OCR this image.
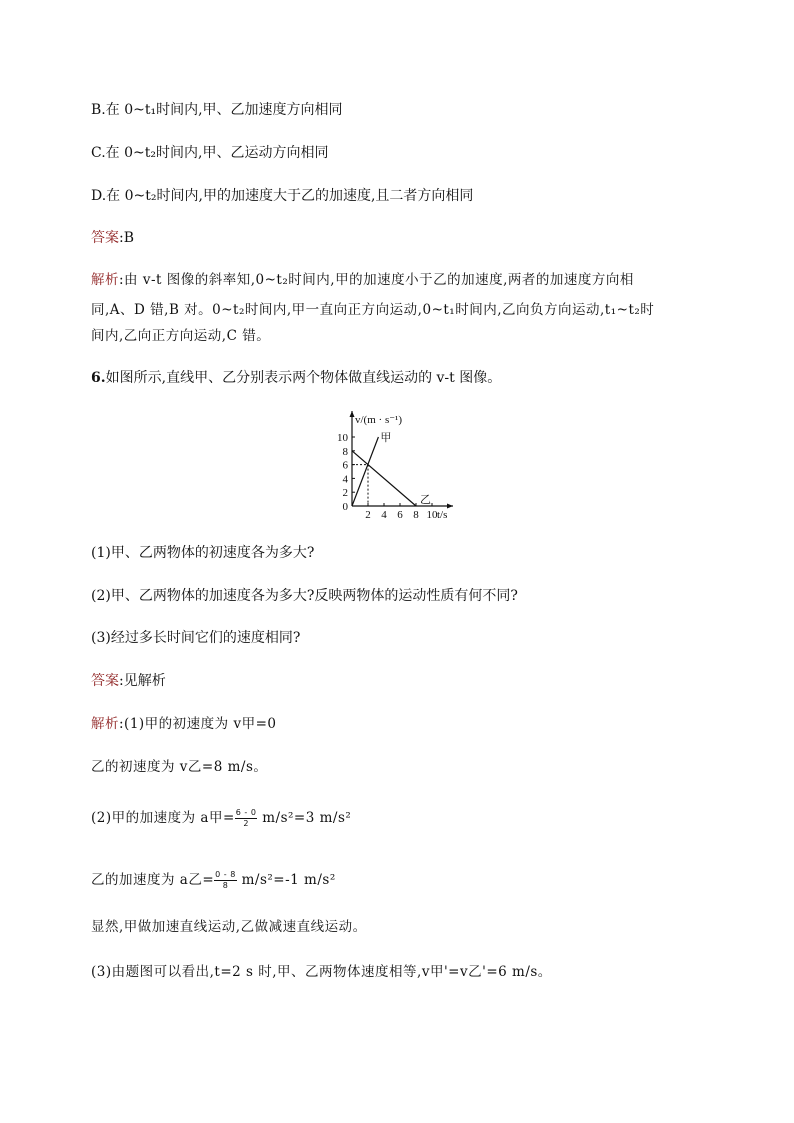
B.在 0~t₁时间内,甲、乙加速度方向相同
C.在 0~t₂时间内,甲、乙运动方向相同
D.在 0~t₂时间内,甲的加速度大于乙的加速度,且二者方向相同
答案:B
解析:由 v-t 图像的斜率知,0~t₂时间内,甲的加速度小于乙的加速度,两者的加速度方向相
同,A、D 错,B 对。0~t₂时间内,甲一直向正方向运动,0~t₁时间内,乙向负方向运动,t₁~t₂时
间内,乙向正方向运动,C 错。
6.如图所示,直线甲、乙分别表示两个物体做直线运动的 v-t 图像。
2 4 6 8 10
0
2
4
6
8
10
v/(m · s⁻¹)
t/s
甲
乙
(1)甲、乙两物体的初速度各为多大?
(2)甲、乙两物体的加速度各为多大?反映两物体的运动性质有何不同?
(3)经过多长时间它们的速度相同?
答案:见解析
解析:(1)甲的初速度为 v甲=0
乙的初速度为 v乙=8 m/s。
(2)甲的加速度为 a甲= $\frac{6 - 0}{2} m/s^2=3$ m/s²
乙的加速度为 a乙= $\frac{0 - 8}{8} m/s^2=-1$ m/s²
显然,甲做加速直线运动,乙做减速直线运动。
(3)由题图可以看出,t=2 s 时,甲、乙两物体速度相等,v甲'=v乙'=6 m/s。
